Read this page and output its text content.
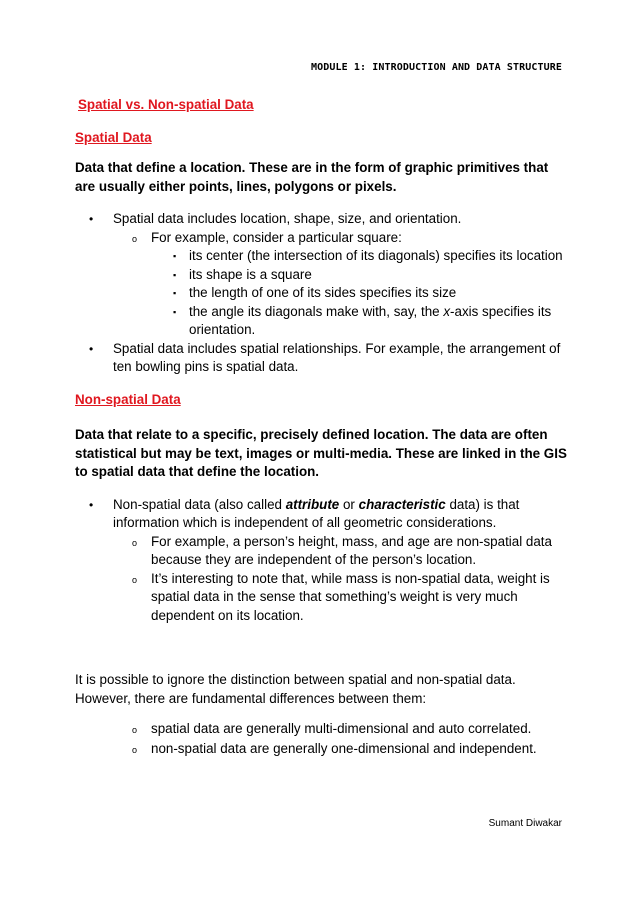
MODULE 1: INTRODUCTION AND DATA STRUCTURE
Spatial vs. Non-spatial Data
Spatial Data
Data that define a location. These are in the form of graphic primitives that are usually either points, lines, polygons or pixels.
• Spatial data includes location, shape, size, and orientation.
o For example, consider a particular square:
▪ its center (the intersection of its diagonals) specifies its location
▪ its shape is a square
▪ the length of one of its sides specifies its size
▪ the angle its diagonals make with, say, the x-axis specifies its orientation.
• Spatial data includes spatial relationships. For example, the arrangement of ten bowling pins is spatial data.
Non-spatial Data
Data that relate to a specific, precisely defined location. The data are often statistical but may be text, images or multi-media. These are linked in the GIS to spatial data that define the location.
• Non-spatial data (also called attribute or characteristic data) is that information which is independent of all geometric considerations.
o For example, a person’s height, mass, and age are non-spatial data because they are independent of the person’s location.
o It’s interesting to note that, while mass is non-spatial data, weight is spatial data in the sense that something’s weight is very much dependent on its location.
It is possible to ignore the distinction between spatial and non-spatial data. However, there are fundamental differences between them:
o spatial data are generally multi-dimensional and auto correlated.
o non-spatial data are generally one-dimensional and independent.
Sumant Diwakar
